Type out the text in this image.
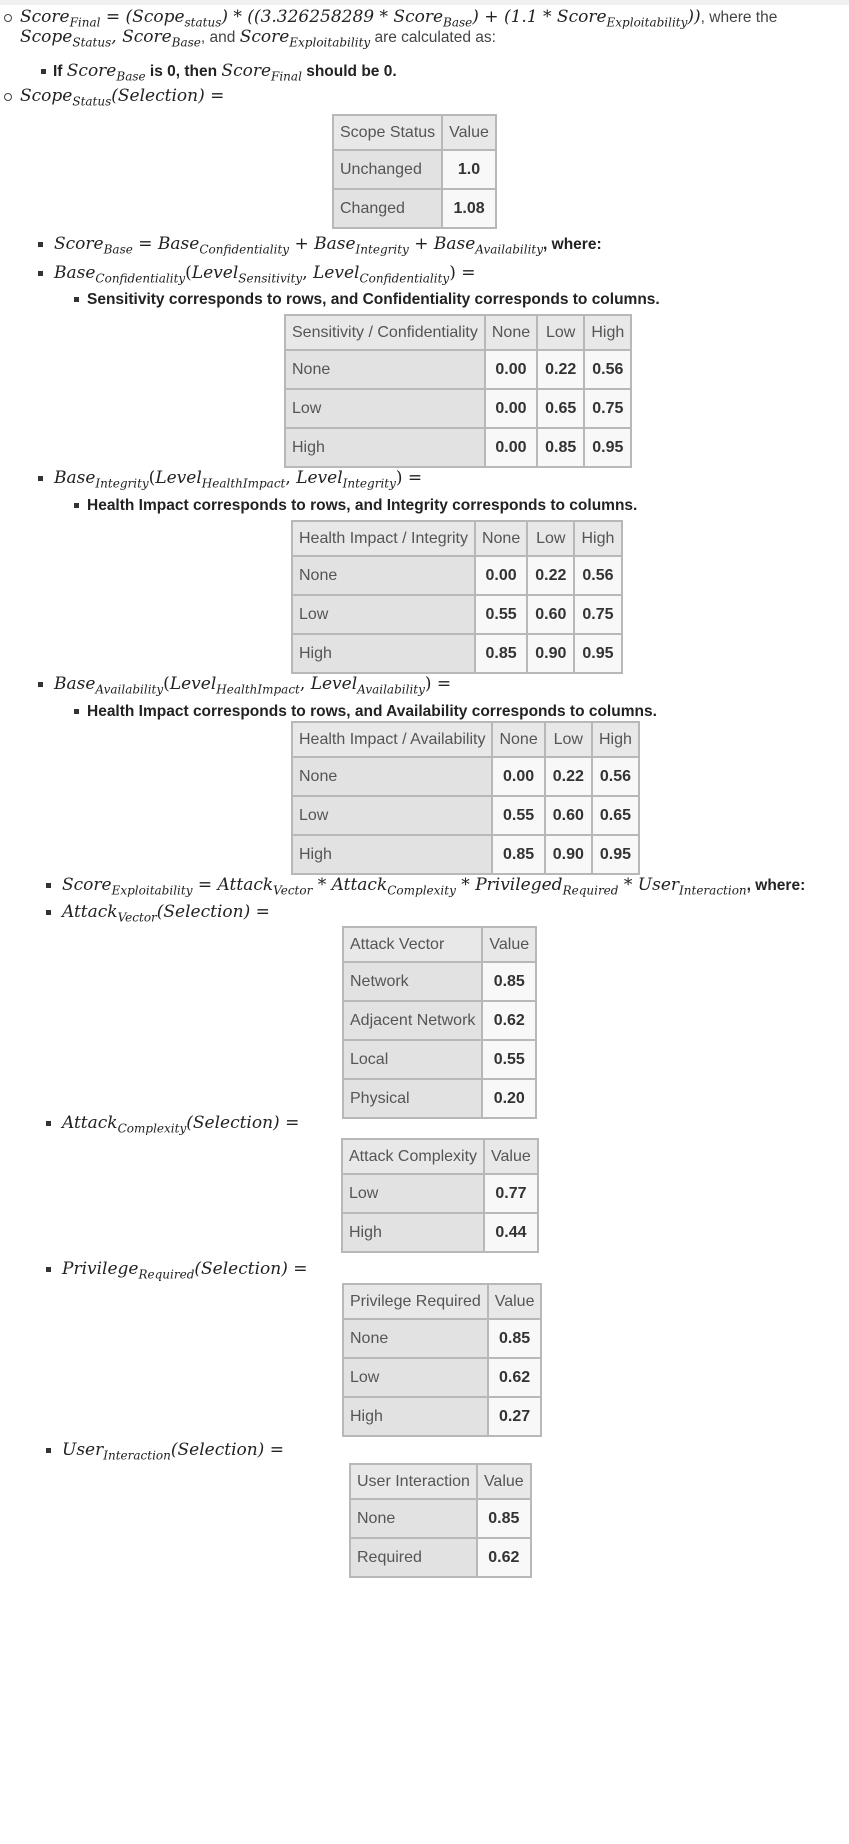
Score$_{Final}$ = (Scope$_{status}$) * ((3.326258289 * Score$_{Base}$) + (1.1 * Score$_{Exploitability}$)), where the
Scope$_{Status}$, Score$_{Base}$, and Score$_{Exploitability}$ are calculated as:
If Score$_{Base}$ is 0, then Score$_{Final}$ should be 0.
Scope$_{Status}$(Selection) =
Scope Status	Value
Unchanged	1.0
Changed	1.08
Score$_{Base}$ = Base$_{Confidentiality}$ + Base$_{Integrity}$ + Base$_{Availability}$, where:
Base$_{Confidentiality}$(Level$_{Sensitivity}$, Level$_{Confidentiality}$) =
Sensitivity corresponds to rows, and Confidentiality corresponds to columns.
Sensitivity / Confidentiality	None	Low	High
None	0.00	0.22	0.56
Low	0.00	0.65	0.75
High	0.00	0.85	0.95
Base$_{Integrity}$(Level$_{HealthImpact}$, Level$_{Integrity}$) =
Health Impact corresponds to rows, and Integrity corresponds to columns.
Health Impact / Integrity	None	Low	High
None	0.00	0.22	0.56
Low	0.55	0.60	0.75
High	0.85	0.90	0.95
Base$_{Availability}$(Level$_{HealthImpact}$, Level$_{Availability}$) =
Health Impact corresponds to rows, and Availability corresponds to columns.
Health Impact / Availability	None	Low	High
None	0.00	0.22	0.56
Low	0.55	0.60	0.65
High	0.85	0.90	0.95
Score$_{Exploitability}$ = Attack$_{Vector}$ * Attack$_{Complexity}$ * Privileged$_{Required}$ * User$_{Interaction}$, where:
Attack$_{Vector}$(Selection) =
Attack Vector	Value
Network	0.85
Adjacent Network	0.62
Local	0.55
Physical	0.20
Attack$_{Complexity}$(Selection) =
Attack Complexity	Value
Low	0.77
High	0.44
Privilege$_{Required}$(Selection) =
Privilege Required	Value
None	0.85
Low	0.62
High	0.27
User$_{Interaction}$(Selection) =
User Interaction	Value
None	0.85
Required	0.62
